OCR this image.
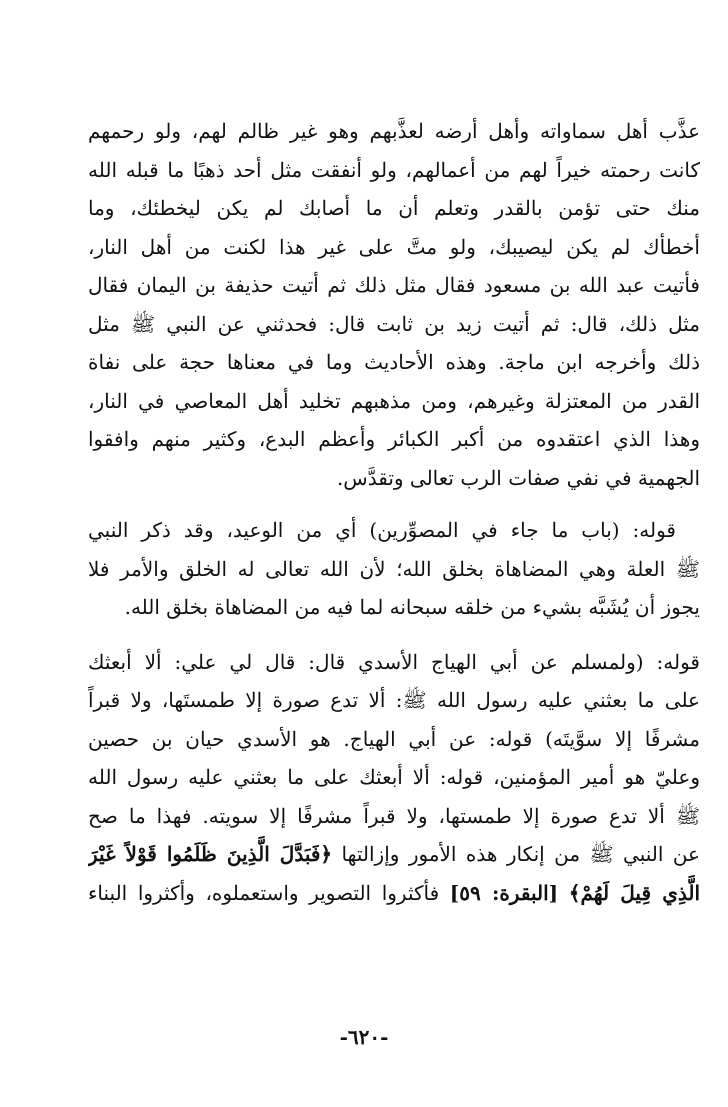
عذَّب أهل سماواته وأهل أرضه لعذَّبهم وهو غير ظالم لهم، ولو رحمهم
كانت رحمته خيراً لهم من أعمالهم، ولو أنفقت مثل أحد ذهبًا ما قبله الله
منك حتى تؤمن بالقدر وتعلم أن ما أصابك لم يكن ليخطئك، وما
أخطأك لم يكن ليصيبك، ولو متَّ على غير هذا لكنت من أهل النار،
فأتيت عبد الله بن مسعود فقال مثل ذلك ثم أتيت حذيفة بن اليمان فقال
مثل ذلك، قال: ثم أتيت زيد بن ثابت قال: فحدثني عن النبي ﷺ مثل
ذلك وأخرجه ابن ماجة. وهذه الأحاديث وما في معناها حجة على نفاة
القدر من المعتزلة وغيرهم، ومن مذهبهم تخليد أهل المعاصي في النار،
وهذا الذي اعتقدوه من أكبر الكبائر وأعظم البدع، وكثير منهم وافقوا
الجهمية في نفي صفات الرب تعالى وتقدَّس.
قوله: (باب ما جاء في المصوِّرين) أي من الوعيد، وقد ذكر النبي
ﷺ العلة وهي المضاهاة بخلق الله؛ لأن الله تعالى له الخلق والأمر فلا
يجوز أن يُشَبَّه بشيء من خلقه سبحانه لما فيه من المضاهاة بخلق الله.
قوله: (ولمسلم عن أبي الهياج الأسدي قال: قال لي علي: ألا أبعثك
على ما بعثني عليه رسول الله ﷺ: ألا تدع صورة إلا طمستَها، ولا قبراً
مشرفًا إلا سوَّيتَه) قوله: عن أبي الهياج. هو الأسدي حيان بن حصين
وعليّ هو أمير المؤمنين، قوله: ألا أبعثك على ما بعثني عليه رسول الله
ﷺ ألا تدع صورة إلا طمستها، ولا قبراً مشرفًا إلا سويته. فهذا ما صح
عن النبي ﷺ من إنكار هذه الأمور وإزالتها ﴿فَبَدَّلَ الَّذِينَ ظَلَمُوا قَوْلاً غَيْرَ
الَّذِي قِيلَ لَهُمْ﴾ [البقرة: ٥٩] فأكثروا التصوير واستعملوه، وأكثروا البناء
-٦٢٠-
